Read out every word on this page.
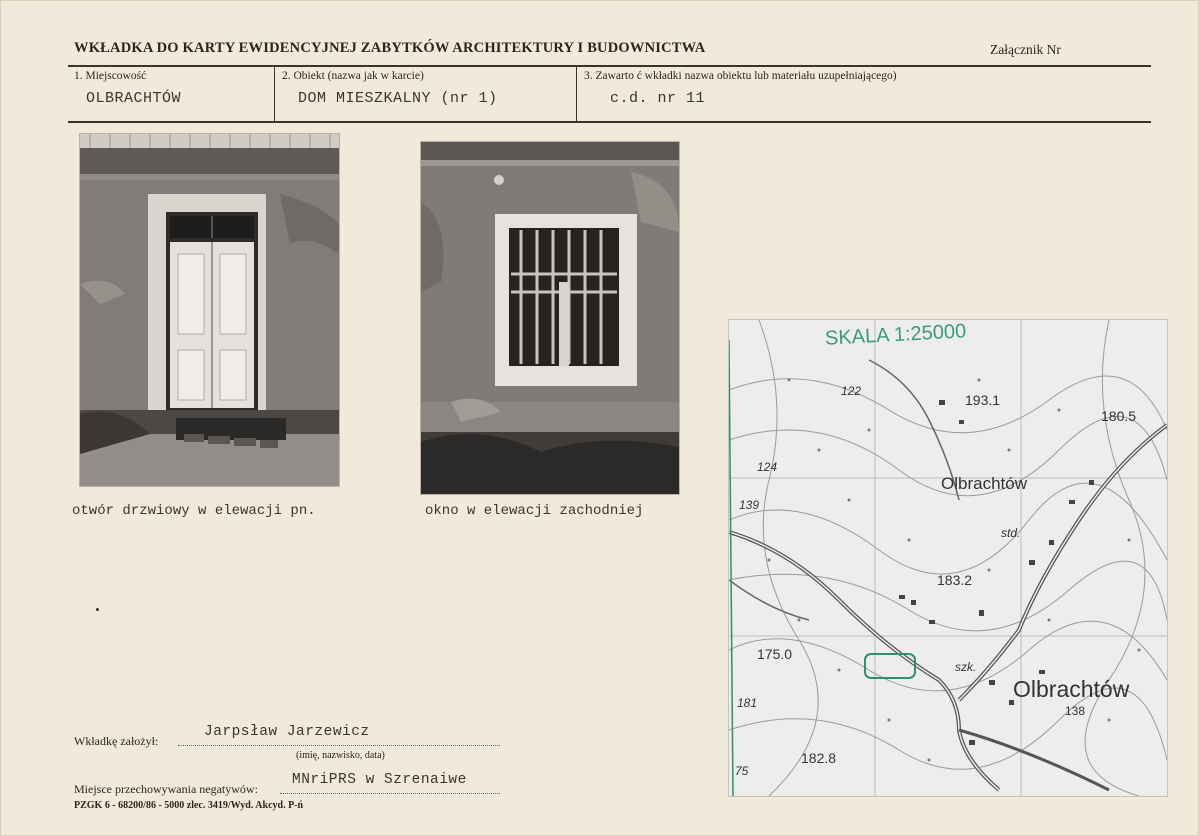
WKŁADKA DO KARTY EWIDENCYJNEJ ZABYTKÓW ARCHITEKTURY I BUDOWNICTWA	Załącznik Nr
1. Miejscowość
OLBRACHTÓW
2. Obiekt (nazwa jak w karcie)
DOM MIESZKALNY (nr 1)
3. Zawarto ć wkładki nazwa obiektu lub materiału uzupełniającego)
c.d. nr 11
otwór drzwiowy w elewacji pn.	okno w elewacji zachodniej
SKALA 1:25000
122
193.1
180.5
124
Olbrachtów
139
std.
183.2
175.0
szk.
Olbrachtów
138
181
182.8
75
Wkładkę założył:
Jarpsław Jarzewicz
(imię, nazwisko, data)
Miejsce przechowywania negatywów:
MNriPRS w Szrenaiwe
PZGK 6 - 68200/86 - 5000 zlec. 3419/Wyd. Akcyd. P-ń
